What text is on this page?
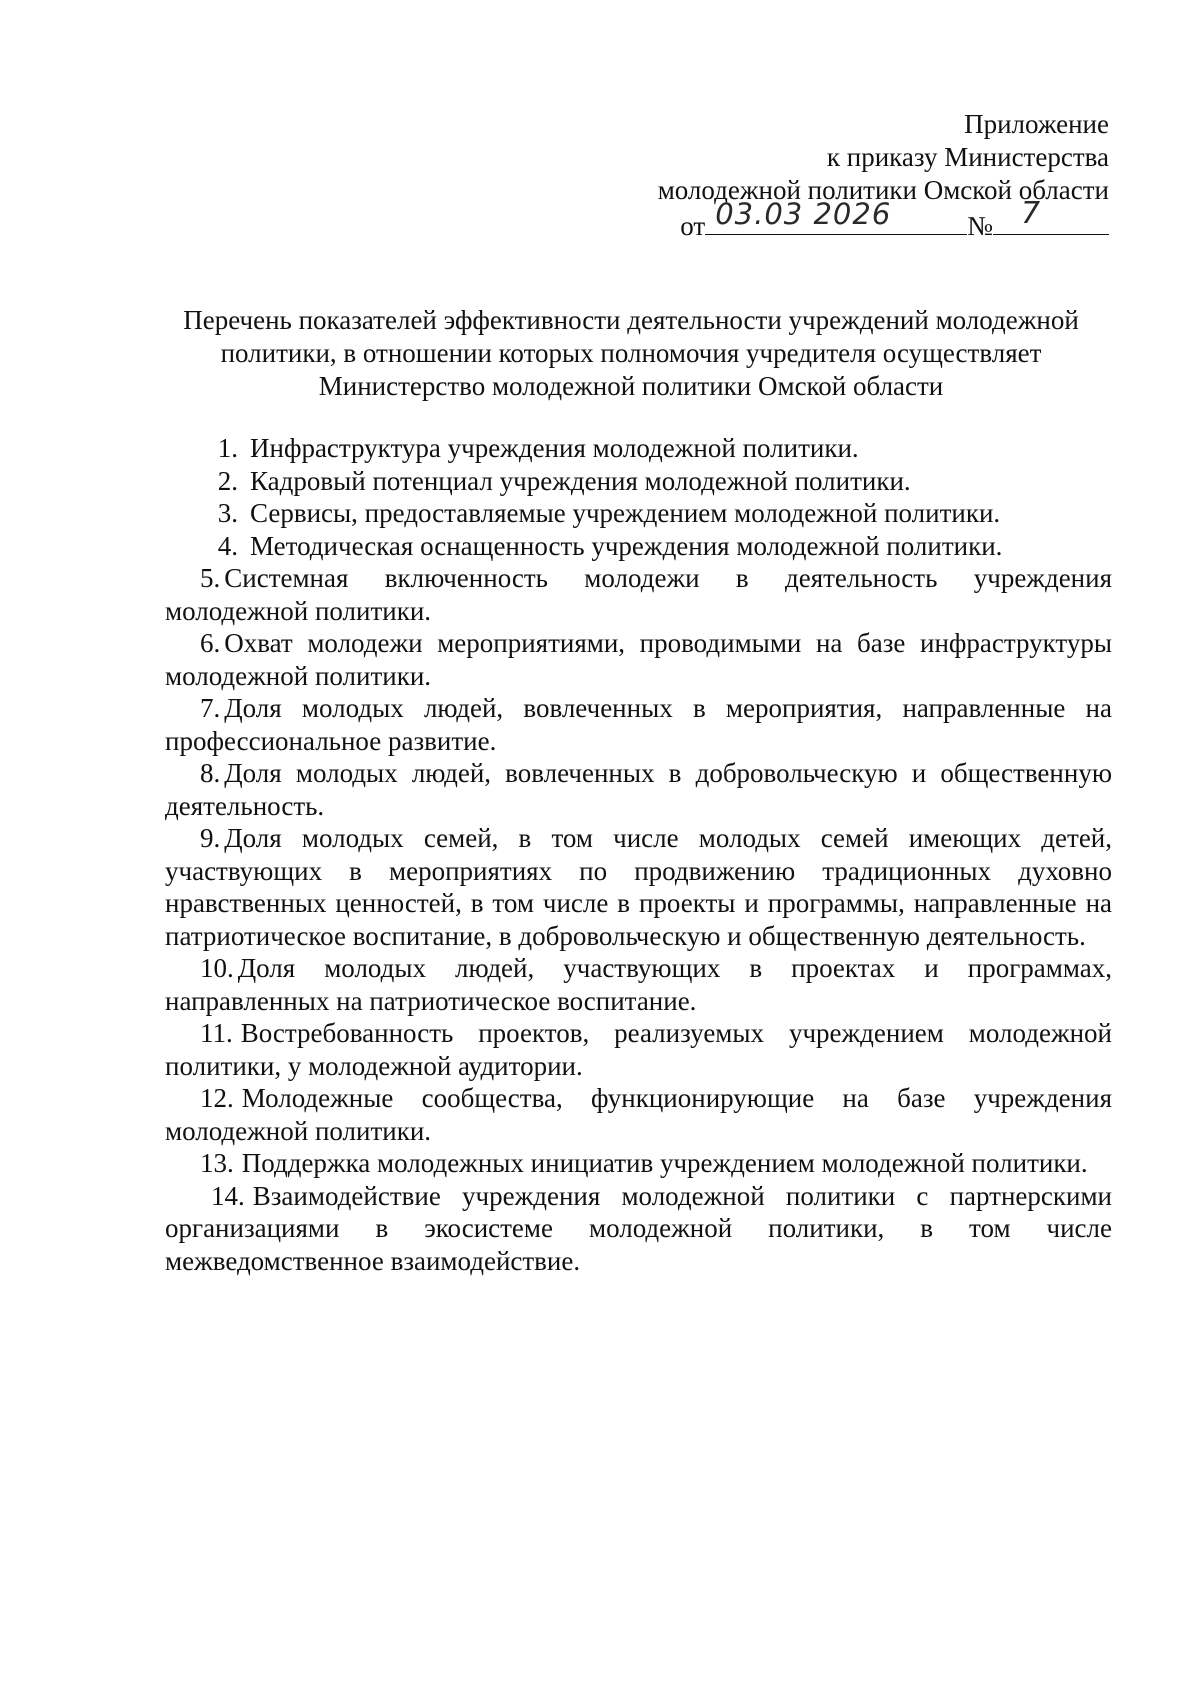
Приложение
к приказу Министерства
молодежной политики Омской области
от 03.03 2026	№ 7
Перечень показателей эффективности деятельности учреждений молодежной
политики, в отношении которых полномочия учредителя осуществляет
Министерство молодежной политики Омской области

1. Инфраструктура учреждения молодежной политики.

2. Кадровый потенциал учреждения молодежной политики.

3. Сервисы, предоставляемые учреждением молодежной политики.

4. Методическая оснащенность учреждения молодежной политики.

5. Системная включенность молодежи в деятельность учреждения молодежной политики.

6. Охват молодежи мероприятиями, проводимыми на базе инфраструктуры молодежной политики.

7. Доля молодых людей, вовлеченных в мероприятия, направленные на профессиональное развитие.

8. Доля молодых людей, вовлеченных в добровольческую и общественную деятельность.

9. Доля молодых семей, в том числе молодых семей имеющих детей, участвующих в мероприятиях по продвижению традиционных духовно нравственных ценностей, в том числе в проекты и программы, направленные на патриотическое воспитание, в добровольческую и общественную деятельность.

10. Доля молодых людей, участвующих в проектах и программах, направленных на патриотическое воспитание.

11. Востребованность проектов, реализуемых учреждением молодежной политики, у молодежной аудитории.

12. Молодежные сообщества, функционирующие на базе учреждения молодежной политики.

13. Поддержка молодежных инициатив учреждением молодежной политики.

14. Взаимодействие учреждения молодежной политики с партнерскими организациями в экосистеме молодежной политики, в том числе межведомственное взаимодействие.
